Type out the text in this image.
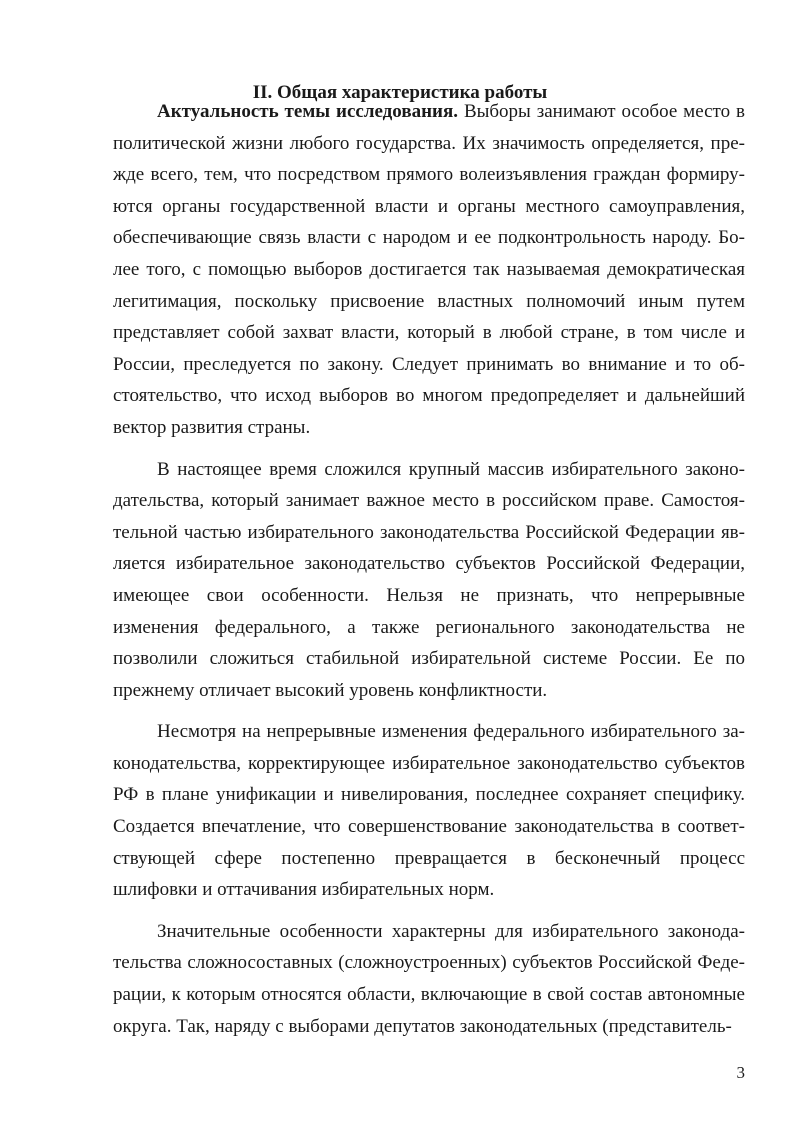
II. Общая характеристика работы

Актуальность темы исследования. Выборы занимают особое место в политической жизни любого государства. Их значимость определяется, прежде всего, тем, что посредством прямого волеизъявления граждан формируются органы государственной власти и органы местного самоуправления, обеспечивающие связь власти с народом и ее подконтрольность народу. Более того, с помощью выборов достигается так называемая демократическая легитимация, поскольку присвоение властных полномочий иным путем представляет собой захват власти, который в любой стране, в том числе и России, преследуется по закону. Следует принимать во внимание и то обстоятельство, что исход выборов во многом предопределяет и дальнейший вектор развития страны.

В настоящее время сложился крупный массив избирательного законодательства, который занимает важное место в российском праве. Самостоятельной частью избирательного законодательства Российской Федерации является избирательное законодательство субъектов Российской Федерации, имеющее свои особенности. Нельзя не признать, что непрерывные изменения федерального, а также регионального законодательства не позволили сложиться стабильной избирательной системе России. Ее по прежнему отличает высокий уровень конфликтности.

Несмотря на непрерывные изменения федерального избирательного законодательства, корректирующее избирательное законодательство субъектов РФ в плане унификации и нивелирования, последнее сохраняет специфику. Создается впечатление, что совершенствование законодательства в соответствующей сфере постепенно превращается в бесконечный процесс шлифовки и оттачивания избирательных норм.

Значительные особенности характерны для избирательного законодательства сложносоставных (сложноустроенных) субъектов Российской Федерации, к которым относятся области, включающие в свой состав автономные округа. Так, наряду с выборами депутатов законодательных (представитель-

3
